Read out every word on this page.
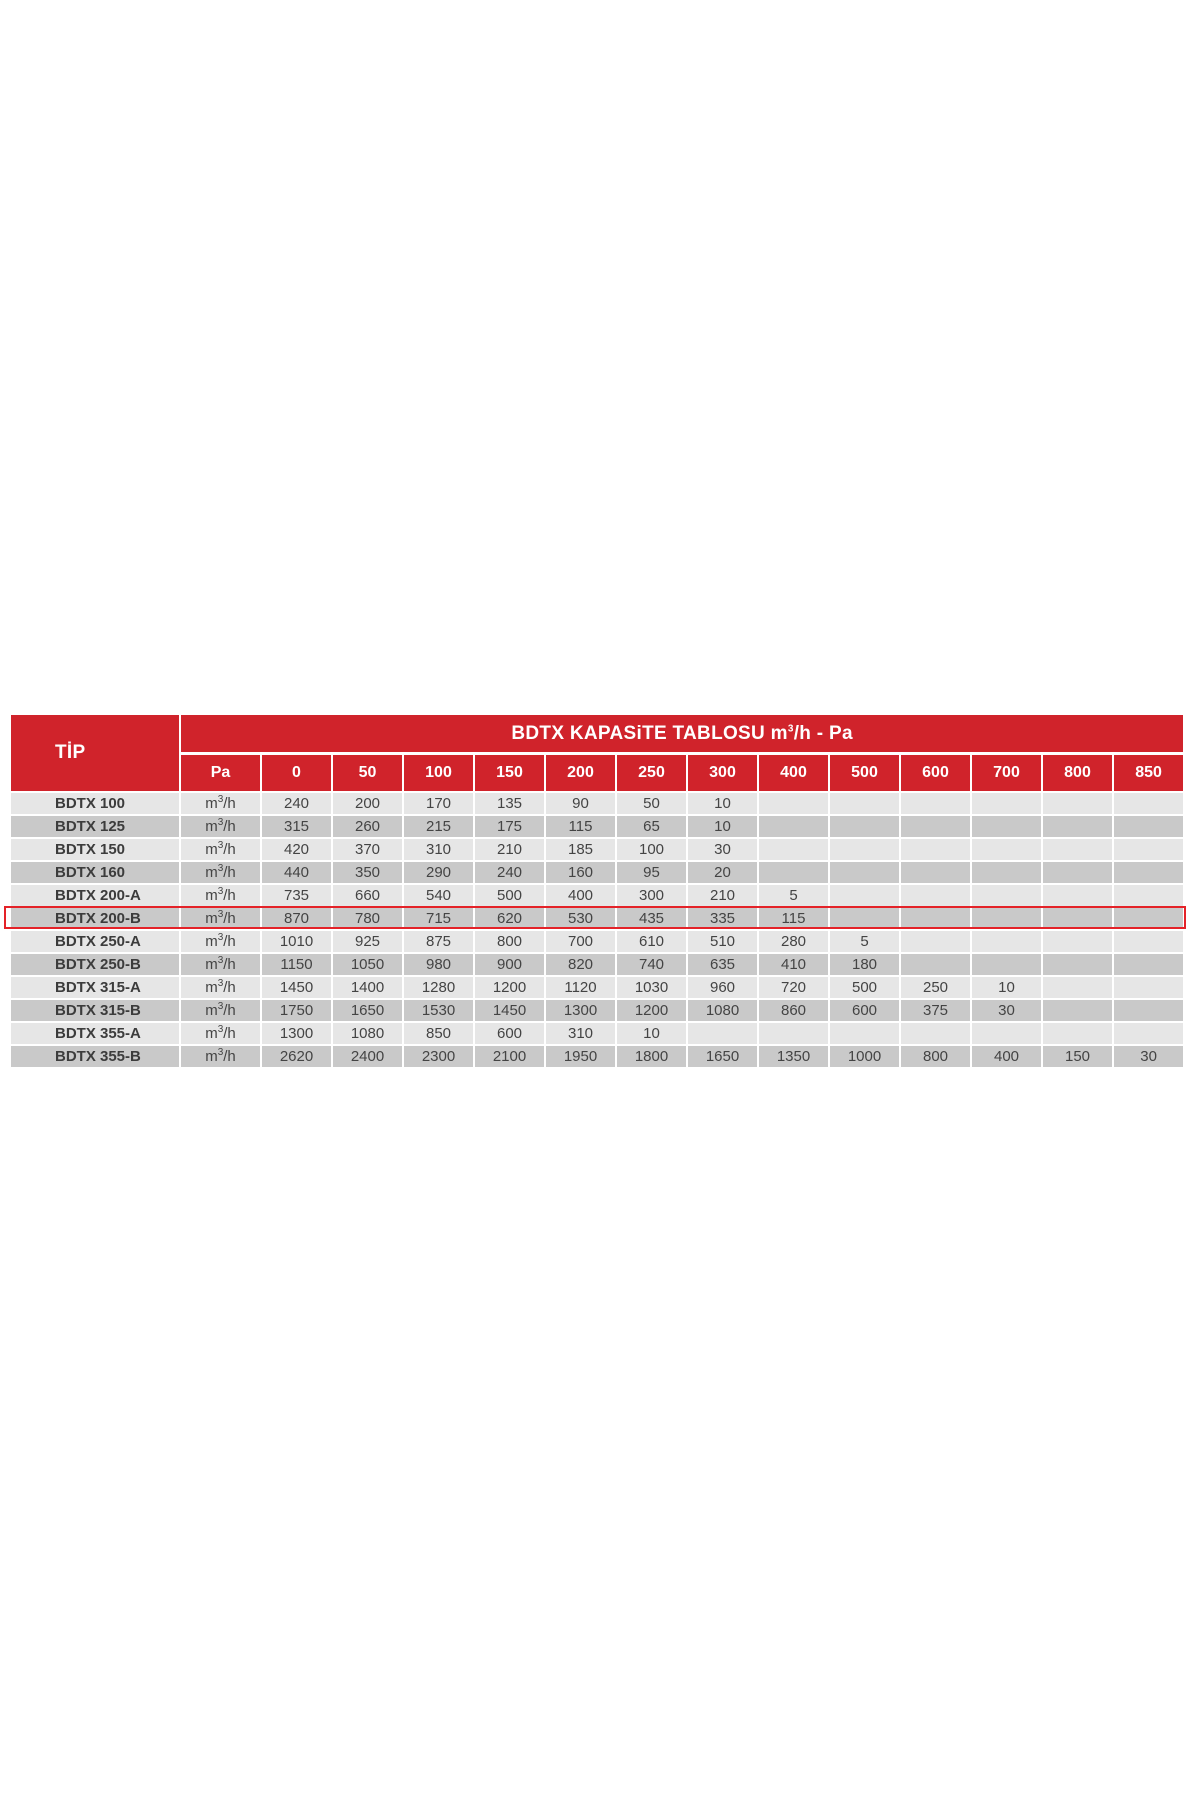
TİP	BDTX KAPASiTE TABLOSU $m^3/h$ - Pa													

	Pa	0	50	100	150	200	250	300	400	500	600	700	800	850
BDTX 100	$m^3/h$	240	200	170	135	90	50	10						
BDTX 125	$m^3/h$	315	260	215	175	115	65	10						
BDTX 150	$m^3/h$	420	370	310	210	185	100	30						
BDTX 160	$m^3/h$	440	350	290	240	160	95	20						
BDTX 200-A	$m^3/h$	735	660	540	500	400	300	210	5					
BDTX 200-B	$m^3/h$	870	780	715	620	530	435	335	115					
BDTX 250-A	$m^3/h$	1010	925	875	800	700	610	510	280	5				
BDTX 250-B	$m^3/h$	1150	1050	980	900	820	740	635	410	180				
BDTX 315-A	$m^3/h$	1450	1400	1280	1200	1120	1030	960	720	500	250	10		
BDTX 315-B	$m^3/h$	1750	1650	1530	1450	1300	1200	1080	860	600	375	30		
BDTX 355-A	$m^3/h$	1300	1080	850	600	310	10							
BDTX 355-B	$m^3/h$	2620	2400	2300	2100	1950	1800	1650	1350	1000	800	400	150	30
